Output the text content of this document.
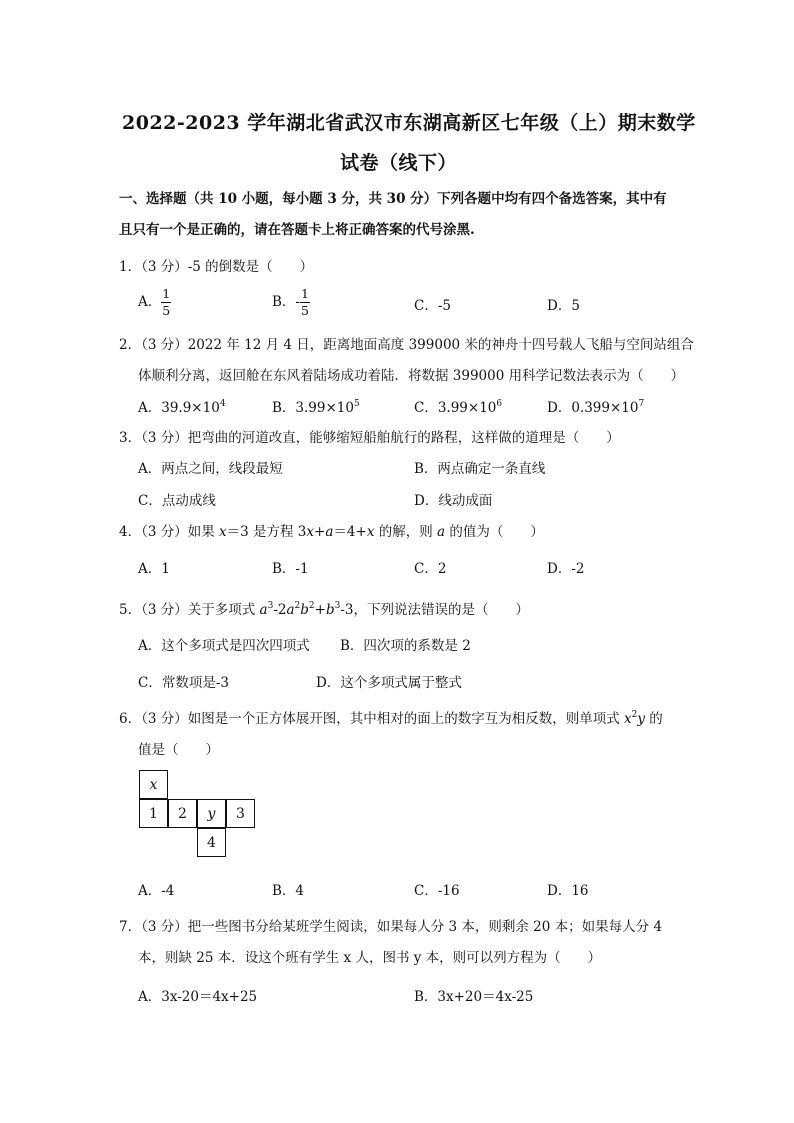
2022-2023 学年湖北省武汉市东湖高新区七年级（上）期末数学
试卷（线下）
一、选择题（共 10 小题，每小题 3 分，共 30 分）下列各题中均有四个备选答案，其中有
且只有一个是正确的，请在答题卡上将正确答案的代号涂黑.
1．（3 分）-5 的倒数是（　　）
A． $\frac{1}{5}$	B．- $\frac{1}{5}$	C．-5	D．5
2．（3 分）2022 年 12 月 4 日，距离地面高度 399000 米的神舟十四号载人飞船与空间站组合
体顺利分离，返回舱在东风着陆场成功着陆．将数据 399000 用科学记数法表示为（　　）
A．$39.9\times 10^4$	B．$3.99\times 10^5$	C．$3.99\times 10^6$	D．$0.399\times 10^7$
3．（3 分）把弯曲的河道改直，能够缩短船舶航行的路程，这样做的道理是（　　）
A．两点之间，线段最短	B．两点确定一条直线
C．点动成线	D．线动成面
4．（3 分）如果 x＝3 是方程 3x+a＝4+x 的解，则 a 的值为（　　）
A．1	B．-1	C．2	D．-2
5．（3 分）关于多项式 $a^3-2a^2b^2+b^3-3$，下列说法错误的是（　　）
A．这个多项式是四次四项式 B．四次项的系数是 2
C．常数项是-3	D．这个多项式属于整式
6．（3 分）如图是一个正方体展开图，其中相对的面上的数字互为相反数，则单项式 $x^2y$ 的
值是（　　）
x
1	2	y	3
4
A．-4	B．4	C．-16	D．16
7．（3 分）把一些图书分给某班学生阅读，如果每人分 3 本，则剩余 20 本；如果每人分 4
本，则缺 25 本．设这个班有学生 x 人，图书 y 本，则可以列方程为（　　）
A．3x-20＝4x+25	B．3x+20＝4x-25
